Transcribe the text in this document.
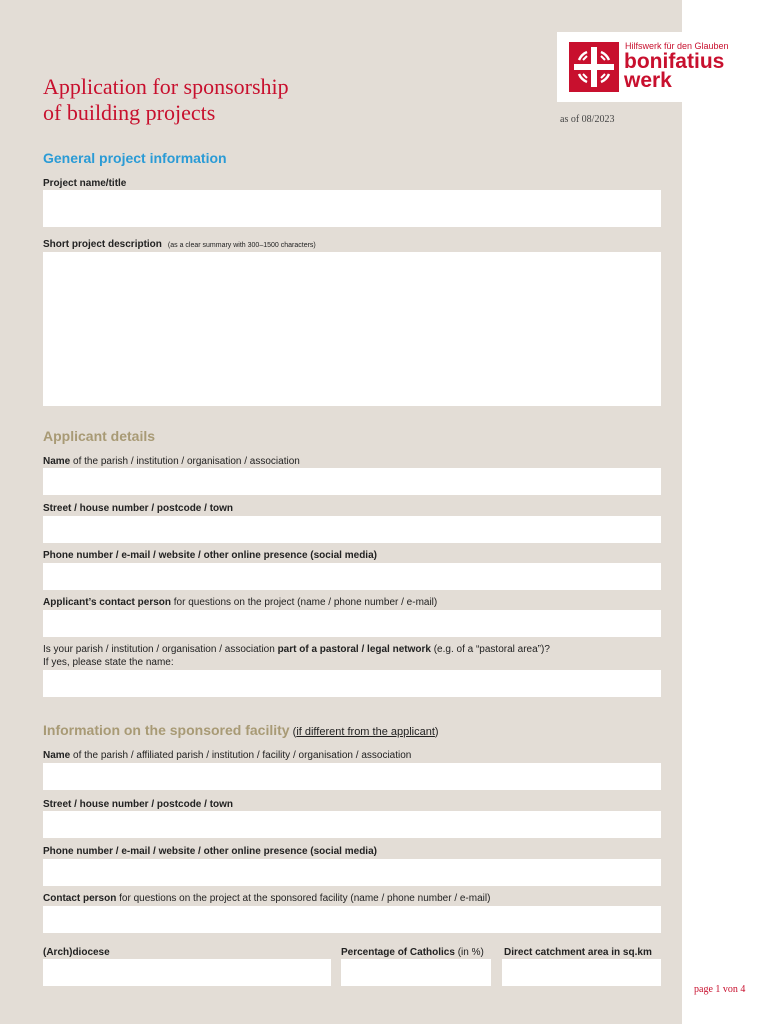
Hilfswerk für den Glauben
bonifatius
werk
Application for sponsorship
of building projects	as of 08/2023
General project information
Project name/title
Short project description (as a clear summary with 300–1500 characters)
Applicant details
Name of the parish / institution / organisation / association
Street / house number / postcode / town
Phone number / e-mail / website / other online presence (social media)
Applicant’s contact person for questions on the project (name / phone number / e-mail)
Is your parish / institution / organisation / association part of a pastoral / legal network (e.g. of a “pastoral area”)?
If yes, please state the name:
Information on the sponsored facility (if different from the applicant)
Name of the parish / affiliated parish / institution / facility / organisation / association
Street / house number / postcode / town
Phone number / e-mail / website / other online presence (social media)
Contact person for questions on the project at the sponsored facility (name / phone number / e-mail)
(Arch)diocese	Percentage of Catholics (in %) Direct catchment area in sq.km
page 1 von 4
